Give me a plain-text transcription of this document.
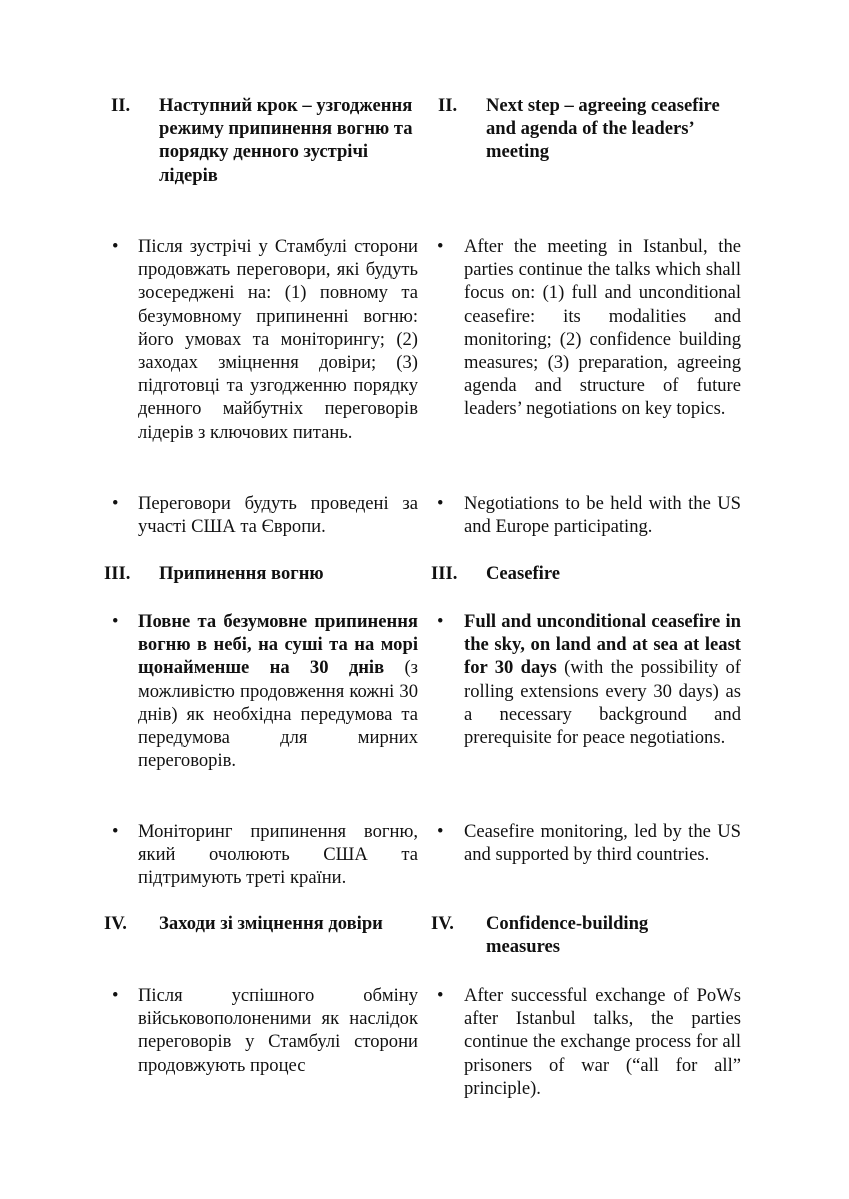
II. Наступний крок – узгодження режиму припинення вогню та порядку денного зустрічі лідерів
II. Next step – agreeing ceasefire and agenda of the leaders’ meeting
• Після зустрічі у Стамбулі сторони продовжать переговори, які будуть зосереджені на: (1) повному та безумовному припиненні вогню: його умовах та моніторингу; (2) заходах зміцнення довіри; (3) підготовці та узгодженню порядку денного майбутніх переговорів лідерів з ключових питань.
• After the meeting in Istanbul, the parties continue the talks which shall focus on: (1) full and unconditional ceasefire: its modalities and monitoring; (2) confidence building measures; (3) preparation, agreeing agenda and structure of future leaders’ negotiations on key topics.
• Переговори будуть проведені за участі США та Європи.
• Negotiations to be held with the US and Europe participating.
III. Припинення вогню	III. Ceasefire
• Повне та безумовне припинення вогню в небі, на суші та на морі щонайменше на 30 днів (з можливістю продовження кожні 30 днів) як необхідна передумова та передумова для мирних переговорів.
• Full and unconditional ceasefire in the sky, on land and at sea at least for 30 days (with the possibility of rolling extensions every 30 days) as a necessary background and prerequisite for peace negotiations.
• Моніторинг припинення вогню, який очолюють США та підтримують треті країни.
• Ceasefire monitoring, led by the US and supported by third countries.
IV. Заходи зі зміцнення довіри	IV. Confidence-building measures
• Після успішного обміну військовополоненими як наслідок переговорів у Стамбулі сторони продовжують процес
• After successful exchange of PoWs after Istanbul talks, the parties continue the exchange process for all prisoners of war (“all for all” principle).
